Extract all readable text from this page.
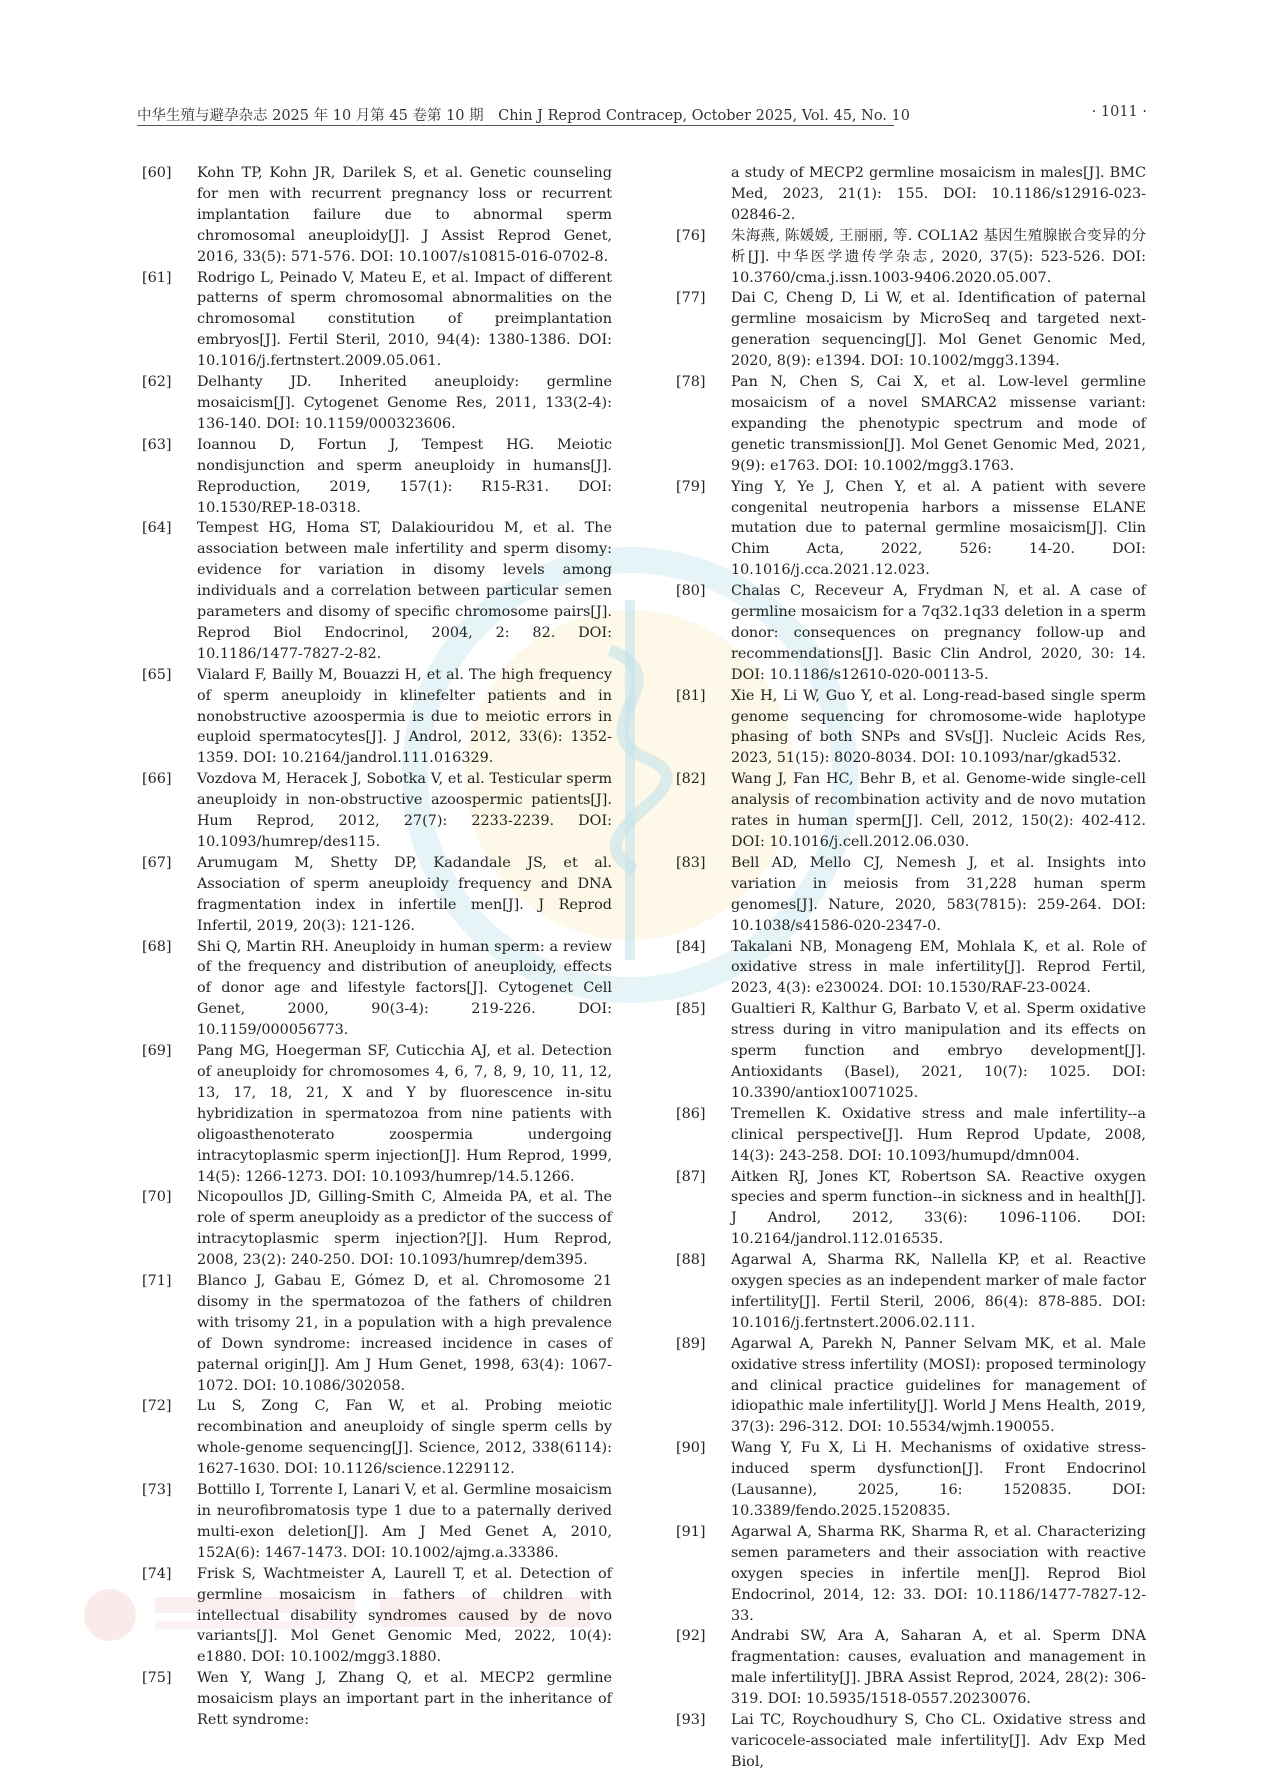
中华生殖与避孕杂志 2025 年 10 月第 45 卷第 10 期　Chin J Reprod Contracep, October 2025, Vol. 45, No. 10	· 1011 ·
[60] Kohn TP, Kohn JR, Darilek S, et al. Genetic counseling for men with recurrent pregnancy loss or recurrent implantation failure due to abnormal sperm chromosomal aneuploidy[J]. J Assist Reprod Genet, 2016, 33(5): 571-576. DOI: 10.1007/s10815-016-0702-8.
[61] Rodrigo L, Peinado V, Mateu E, et al. Impact of different patterns of sperm chromosomal abnormalities on the chromosomal constitution of preimplantation embryos[J]. Fertil Steril, 2010, 94(4): 1380-1386. DOI: 10.1016/j.fertnstert.2009.05.061.
[62] Delhanty JD. Inherited aneuploidy: germline mosaicism[J]. Cytogenet Genome Res, 2011, 133(2-4): 136-140. DOI: 10.1159/000323606.
[63] Ioannou D, Fortun J, Tempest HG. Meiotic nondisjunction and sperm aneuploidy in humans[J]. Reproduction, 2019, 157(1): R15-R31. DOI: 10.1530/REP-18-0318.
[64] Tempest HG, Homa ST, Dalakiouridou M, et al. The association between male infertility and sperm disomy: evidence for variation in disomy levels among individuals and a correlation between particular semen parameters and disomy of specific chromosome pairs[J]. Reprod Biol Endocrinol, 2004, 2: 82. DOI: 10.1186/1477-7827-2-82.
[65] Vialard F, Bailly M, Bouazzi H, et al. The high frequency of sperm aneuploidy in klinefelter patients and in nonobstructive azoospermia is due to meiotic errors in euploid spermatocytes[J]. J Androl, 2012, 33(6): 1352-1359. DOI: 10.2164/jandrol.111.016329.
[66] Vozdova M, Heracek J, Sobotka V, et al. Testicular sperm aneuploidy in non-obstructive azoospermic patients[J]. Hum Reprod, 2012, 27(7): 2233-2239. DOI: 10.1093/humrep/des115.
[67] Arumugam M, Shetty DP, Kadandale JS, et al. Association of sperm aneuploidy frequency and DNA fragmentation index in infertile men[J]. J Reprod Infertil, 2019, 20(3): 121-126.
[68] Shi Q, Martin RH. Aneuploidy in human sperm: a review of the frequency and distribution of aneuploidy, effects of donor age and lifestyle factors[J]. Cytogenet Cell Genet, 2000, 90(3-4): 219-226. DOI: 10.1159/000056773.
[69] Pang MG, Hoegerman SF, Cuticchia AJ, et al. Detection of aneuploidy for chromosomes 4, 6, 7, 8, 9, 10, 11, 12, 13, 17, 18, 21, X and Y by fluorescence in-situ hybridization in spermatozoa from nine patients with oligoasthenoterato zoospermia undergoing intracytoplasmic sperm injection[J]. Hum Reprod, 1999, 14(5): 1266-1273. DOI: 10.1093/humrep/14.5.1266.
[70] Nicopoullos JD, Gilling-Smith C, Almeida PA, et al. The role of sperm aneuploidy as a predictor of the success of intracytoplasmic sperm injection?[J]. Hum Reprod, 2008, 23(2): 240-250. DOI: 10.1093/humrep/dem395.
[71] Blanco J, Gabau E, Gómez D, et al. Chromosome 21 disomy in the spermatozoa of the fathers of children with trisomy 21, in a population with a high prevalence of Down syndrome: increased incidence in cases of paternal origin[J]. Am J Hum Genet, 1998, 63(4): 1067-1072. DOI: 10.1086/302058.
[72] Lu S, Zong C, Fan W, et al. Probing meiotic recombination and aneuploidy of single sperm cells by whole-genome sequencing[J]. Science, 2012, 338(6114): 1627-1630. DOI: 10.1126/science.1229112.
[73] Bottillo I, Torrente I, Lanari V, et al. Germline mosaicism in neurofibromatosis type 1 due to a paternally derived multi-exon deletion[J]. Am J Med Genet A, 2010, 152A(6): 1467-1473. DOI: 10.1002/ajmg.a.33386.
[74] Frisk S, Wachtmeister A, Laurell T, et al. Detection of germline mosaicism in fathers of children with intellectual disability syndromes caused by de novo variants[J]. Mol Genet Genomic Med, 2022, 10(4): e1880. DOI: 10.1002/mgg3.1880.
[75] Wen Y, Wang J, Zhang Q, et al. MECP2 germline mosaicism plays an important part in the inheritance of Rett syndrome:
a study of MECP2 germline mosaicism in males[J]. BMC Med, 2023, 21(1): 155. DOI: 10.1186/s12916-023-02846-2.
[76] 朱海燕, 陈媛媛, 王丽丽, 等. COL1A2 基因生殖腺嵌合变异的分析[J]. 中华医学遗传学杂志, 2020, 37(5): 523-526. DOI: 10.3760/cma.j.issn.1003-9406.2020.05.007.
[77] Dai C, Cheng D, Li W, et al. Identification of paternal germline mosaicism by MicroSeq and targeted next-generation sequencing[J]. Mol Genet Genomic Med, 2020, 8(9): e1394. DOI: 10.1002/mgg3.1394.
[78] Pan N, Chen S, Cai X, et al. Low-level germline mosaicism of a novel SMARCA2 missense variant: expanding the phenotypic spectrum and mode of genetic transmission[J]. Mol Genet Genomic Med, 2021, 9(9): e1763. DOI: 10.1002/mgg3.1763.
[79] Ying Y, Ye J, Chen Y, et al. A patient with severe congenital neutropenia harbors a missense ELANE mutation due to paternal germline mosaicism[J]. Clin Chim Acta, 2022, 526: 14-20. DOI: 10.1016/j.cca.2021.12.023.
[80] Chalas C, Receveur A, Frydman N, et al. A case of germline mosaicism for a 7q32.1q33 deletion in a sperm donor: consequences on pregnancy follow-up and recommendations[J]. Basic Clin Androl, 2020, 30: 14. DOI: 10.1186/s12610-020-00113-5.
[81] Xie H, Li W, Guo Y, et al. Long-read-based single sperm genome sequencing for chromosome-wide haplotype phasing of both SNPs and SVs[J]. Nucleic Acids Res, 2023, 51(15): 8020-8034. DOI: 10.1093/nar/gkad532.
[82] Wang J, Fan HC, Behr B, et al. Genome-wide single-cell analysis of recombination activity and de novo mutation rates in human sperm[J]. Cell, 2012, 150(2): 402-412. DOI: 10.1016/j.cell.2012.06.030.
[83] Bell AD, Mello CJ, Nemesh J, et al. Insights into variation in meiosis from 31,228 human sperm genomes[J]. Nature, 2020, 583(7815): 259-264. DOI: 10.1038/s41586-020-2347-0.
[84] Takalani NB, Monageng EM, Mohlala K, et al. Role of oxidative stress in male infertility[J]. Reprod Fertil, 2023, 4(3): e230024. DOI: 10.1530/RAF-23-0024.
[85] Gualtieri R, Kalthur G, Barbato V, et al. Sperm oxidative stress during in vitro manipulation and its effects on sperm function and embryo development[J]. Antioxidants (Basel), 2021, 10(7): 1025. DOI: 10.3390/antiox10071025.
[86] Tremellen K. Oxidative stress and male infertility--a clinical perspective[J]. Hum Reprod Update, 2008, 14(3): 243-258. DOI: 10.1093/humupd/dmn004.
[87] Aitken RJ, Jones KT, Robertson SA. Reactive oxygen species and sperm function--in sickness and in health[J]. J Androl, 2012, 33(6): 1096-1106. DOI: 10.2164/jandrol.112.016535.
[88] Agarwal A, Sharma RK, Nallella KP, et al. Reactive oxygen species as an independent marker of male factor infertility[J]. Fertil Steril, 2006, 86(4): 878-885. DOI: 10.1016/j.fertnstert.2006.02.111.
[89] Agarwal A, Parekh N, Panner Selvam MK, et al. Male oxidative stress infertility (MOSI): proposed terminology and clinical practice guidelines for management of idiopathic male infertility[J]. World J Mens Health, 2019, 37(3): 296-312. DOI: 10.5534/wjmh.190055.
[90] Wang Y, Fu X, Li H. Mechanisms of oxidative stress-induced sperm dysfunction[J]. Front Endocrinol (Lausanne), 2025, 16: 1520835. DOI: 10.3389/fendo.2025.1520835.
[91] Agarwal A, Sharma RK, Sharma R, et al. Characterizing semen parameters and their association with reactive oxygen species in infertile men[J]. Reprod Biol Endocrinol, 2014, 12: 33. DOI: 10.1186/1477-7827-12-33.
[92] Andrabi SW, Ara A, Saharan A, et al. Sperm DNA fragmentation: causes, evaluation and management in male infertility[J]. JBRA Assist Reprod, 2024, 28(2): 306-319. DOI: 10.5935/1518-0557.20230076.
[93] Lai TC, Roychoudhury S, Cho CL. Oxidative stress and varicocele-associated male infertility[J]. Adv Exp Med Biol,
